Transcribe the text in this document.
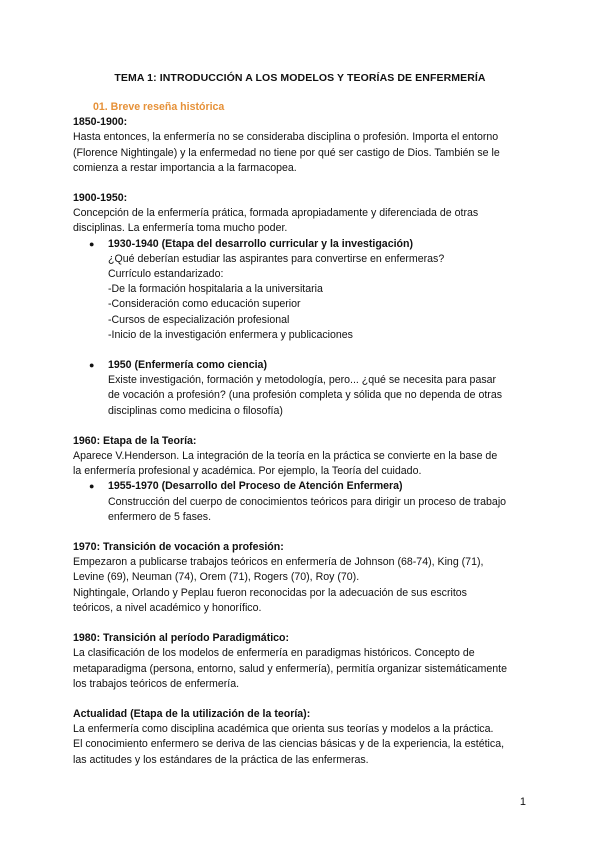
TEMA 1: INTRODUCCIÓN A LOS MODELOS Y TEORÍAS DE ENFERMERÍA

01. Breve reseña histórica

1850-1900:

Hasta entonces, la enfermería no se consideraba disciplina o profesión. Importa el entorno

(Florence Nightingale) y la enfermedad no tiene por qué ser castigo de Dios. También se le

comienza a restar importancia a la farmacopea.

1900-1950:

Concepción de la enfermería prática, formada apropiadamente y diferenciada de otras

disciplinas. La enfermería toma mucho poder.

● 1930-1940 (Etapa del desarrollo curricular y la investigación)

¿Qué deberían estudiar las aspirantes para convertirse en enfermeras?

Currículo estandarizado:

-De la formación hospitalaria a la universitaria

-Consideración como educación superior

-Cursos de especialización profesional

-Inicio de la investigación enfermera y publicaciones

● 1950 (Enfermería como ciencia)

Existe investigación, formación y metodología, pero... ¿qué se necesita para pasar

de vocación a profesión? (una profesión completa y sólida que no dependa de otras

disciplinas como medicina o filosofía)

1960: Etapa de la Teoría:

Aparece V.Henderson. La integración de la teoría en la práctica se convierte en la base de

la enfermería profesional y académica. Por ejemplo, la Teoría del cuidado.

● 1955-1970 (Desarrollo del Proceso de Atención Enfermera)

Construcción del cuerpo de conocimientos teóricos para dirigir un proceso de trabajo

enfermero de 5 fases.

1970: Transición de vocación a profesión:

Empezaron a publicarse trabajos teóricos en enfermería de Johnson (68-74), King (71),

Levine (69), Neuman (74), Orem (71), Rogers (70), Roy (70).

Nightingale, Orlando y Peplau fueron reconocidas por la adecuación de sus escritos

teóricos, a nivel académico y honorífico.

1980: Transición al período Paradigmático:

La clasificación de los modelos de enfermería en paradigmas históricos. Concepto de

metaparadigma (persona, entorno, salud y enfermería), permitía organizar sistemáticamente

los trabajos teóricos de enfermería.

Actualidad (Etapa de la utilización de la teoría):

La enfermería como disciplina académica que orienta sus teorías y modelos a la práctica.

El conocimiento enfermero se deriva de las ciencias básicas y de la experiencia, la estética,

las actitudes y los estándares de la práctica de las enfermeras.

1
